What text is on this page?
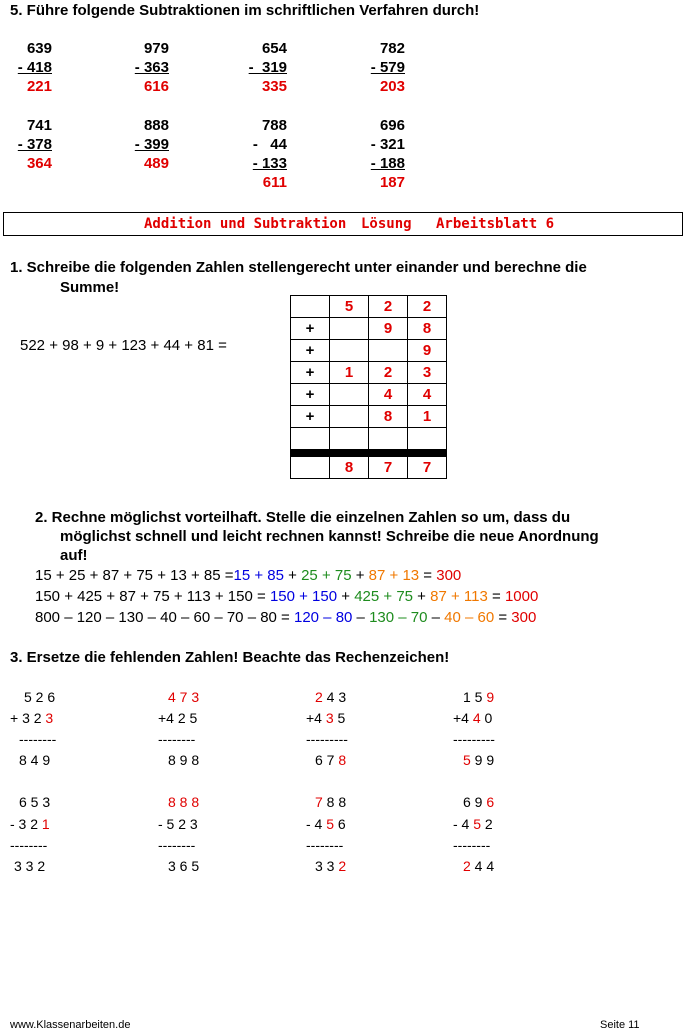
5. Führe folgende Subtraktionen im schriftlichen Verfahren durch!
639
- 418
221
979
- 363
616
654
-  319
335
782
- 579
203
741
- 378
364
888
- 399
489
788
-   44
- 133
611
696
- 321
- 188
187
Addition und Subtraktion Lösung Arbeitsblatt 6
1. Schreibe die folgenden Zahlen stellengerecht unter einander und berechne die
Summe!
522 + 98 + 9 + 123 + 44 + 81 =
	5	2	2
+		9	8
+			9
+	1	2	3
+		4	4
+		8	1

	8	7	7
2. Rechne möglichst vorteilhaft. Stelle die einzelnen Zahlen so um, dass du
möglichst schnell und leicht rechnen kannst! Schreibe die neue Anordnung
auf!
15 + 25 + 87 + 75 + 13 + 85 =15 + 85 + 25 + 75 + 87 + 13 = 300
150 + 425 + 87 + 75 + 113 + 150 = 150 + 150 + 425 + 75 + 87 + 113 = 1000
800 – 120 – 130 – 40 – 60 – 70 – 80 = 120 – 80 – 130 – 70 – 40 – 60 = 300
3. Ersetze die fehlenden Zahlen! Beachte das Rechenzeichen!
5 2 6
+ 3 2 3
--------
8 4 9
4 7 3
+4 2 5
--------
8 9 8
2 4 3
+4 3 5
---------
6 7 8
1 5 9
+4 4 0
---------
5 9 9
6 5 3
- 3 2 1
--------
3 3 2
8 8 8
- 5 2 3
--------
3 6 5
7 8 8
- 4 5 6
--------
3 3 2
6 9 6
- 4 5 2
--------
2 4 4
www.Klassenarbeiten.de	Seite 11
